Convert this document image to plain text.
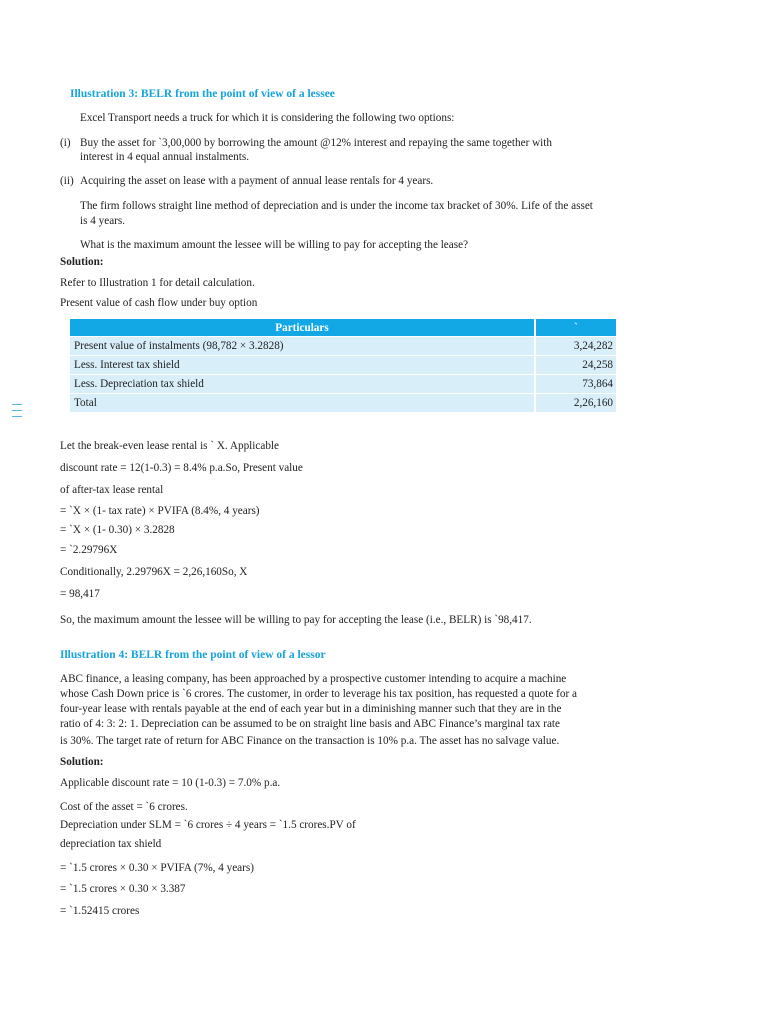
Illustration 3: BELR from the point of view of a lessee
Excel Transport needs a truck for which it is considering the following two options:
(i) Buy the asset for `3,00,000 by borrowing the amount @12% interest and repaying the same together with
interest in 4 equal annual instalments.
(ii) Acquiring the asset on lease with a payment of annual lease rentals for 4 years.
The firm follows straight line method of depreciation and is under the income tax bracket of 30%. Life of the asset
is 4 years.
What is the maximum amount the lessee will be willing to pay for accepting the lease?
Solution:
Refer to Illustration 1 for detail calculation.
Present value of cash flow under buy option
Particulars	`
Present value of instalments (98,782 × 3.2828)	3,24,282
Less. Interest tax shield	24,258
Less. Depreciation tax shield	73,864
Total	2,26,160
Let the break-even lease rental is ` X. Applicable
discount rate = 12(1-0.3) = 8.4% p.a.So, Present value
of after-tax lease rental
= `X × (1- tax rate) × PVIFA (8.4%, 4 years)
= `X × (1- 0.30) × 3.2828
= `2.29796X
Conditionally, 2.29796X = 2,26,160So, X
= 98,417
So, the maximum amount the lessee will be willing to pay for accepting the lease (i.e., BELR) is `98,417.
Illustration 4: BELR from the point of view of a lessor
ABC finance, a leasing company, has been approached by a prospective customer intending to acquire a machine
whose Cash Down price is `6 crores. The customer, in order to leverage his tax position, has requested a quote for a
four-year lease with rentals payable at the end of each year but in a diminishing manner such that they are in the
ratio of 4: 3: 2: 1. Depreciation can be assumed to be on straight line basis and ABC Finance’s marginal tax rate
is 30%. The target rate of return for ABC Finance on the transaction is 10% p.a. The asset has no salvage value.
Solution:
Applicable discount rate = 10 (1-0.3) = 7.0% p.a.
Cost of the asset = `6 crores.
Depreciation under SLM = `6 crores ÷ 4 years = `1.5 crores.PV of
depreciation tax shield
= `1.5 crores × 0.30 × PVIFA (7%, 4 years)
= `1.5 crores × 0.30 × 3.387
= `1.52415 crores
